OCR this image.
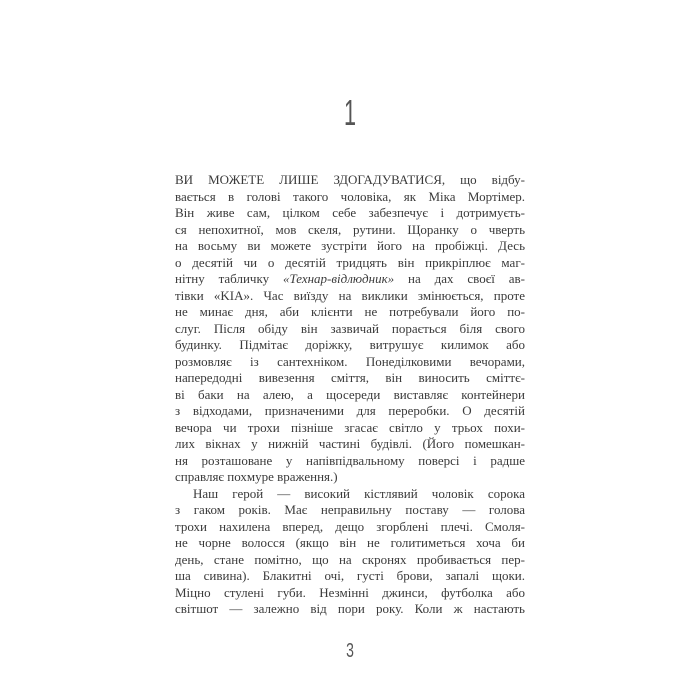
1
ВИ МОЖЕТЕ ЛИШЕ ЗДОГАДУВАТИСЯ, що відбу-
вається в голові такого чоловіка, як Міка Мортімер.
Він живе сам, цілком себе забезпечує і дотримуєть-
ся непохитної, мов скеля, рутини. Щоранку о чверть
на восьму ви можете зустріти його на пробіжці. Десь
о десятій чи о десятій тридцять він прикріплює маг-
нітну табличку «Технар-відлюдник» на дах своєї ав-
тівки «KIA». Час виїзду на виклики змінюється, проте
не минає дня, аби клієнти не потребували його по-
слуг. Після обіду він зазвичай порається біля свого
будинку. Підмітає доріжку, витрушує килимок або
розмовляє із сантехніком. Понеділковими вечорами,
напередодні вивезення сміття, він виносить сміттє-
ві баки на алею, а щосереди виставляє контейнери
з відходами, призначеними для переробки. О десятій
вечора чи трохи пізніше згасає світло у трьох похи-
лих вікнах у нижній частині будівлі. (Його помешкан-
ня розташоване у напівпідвальному поверсі і радше
справляє похмуре враження.)
Наш герой — високий кістлявий чоловік сорока
з гаком років. Має неправильну поставу — голова
трохи нахилена вперед, дещо згорблені плечі. Смоля-
не чорне волосся (якщо він не голитиметься хоча би
день, стане помітно, що на скронях пробивається пер-
ша сивина). Блакитні очі, густі брови, запалі щоки.
Міцно стулені губи. Незмінні джинси, футболка або
світшот — залежно від пори року. Коли ж настають
3
